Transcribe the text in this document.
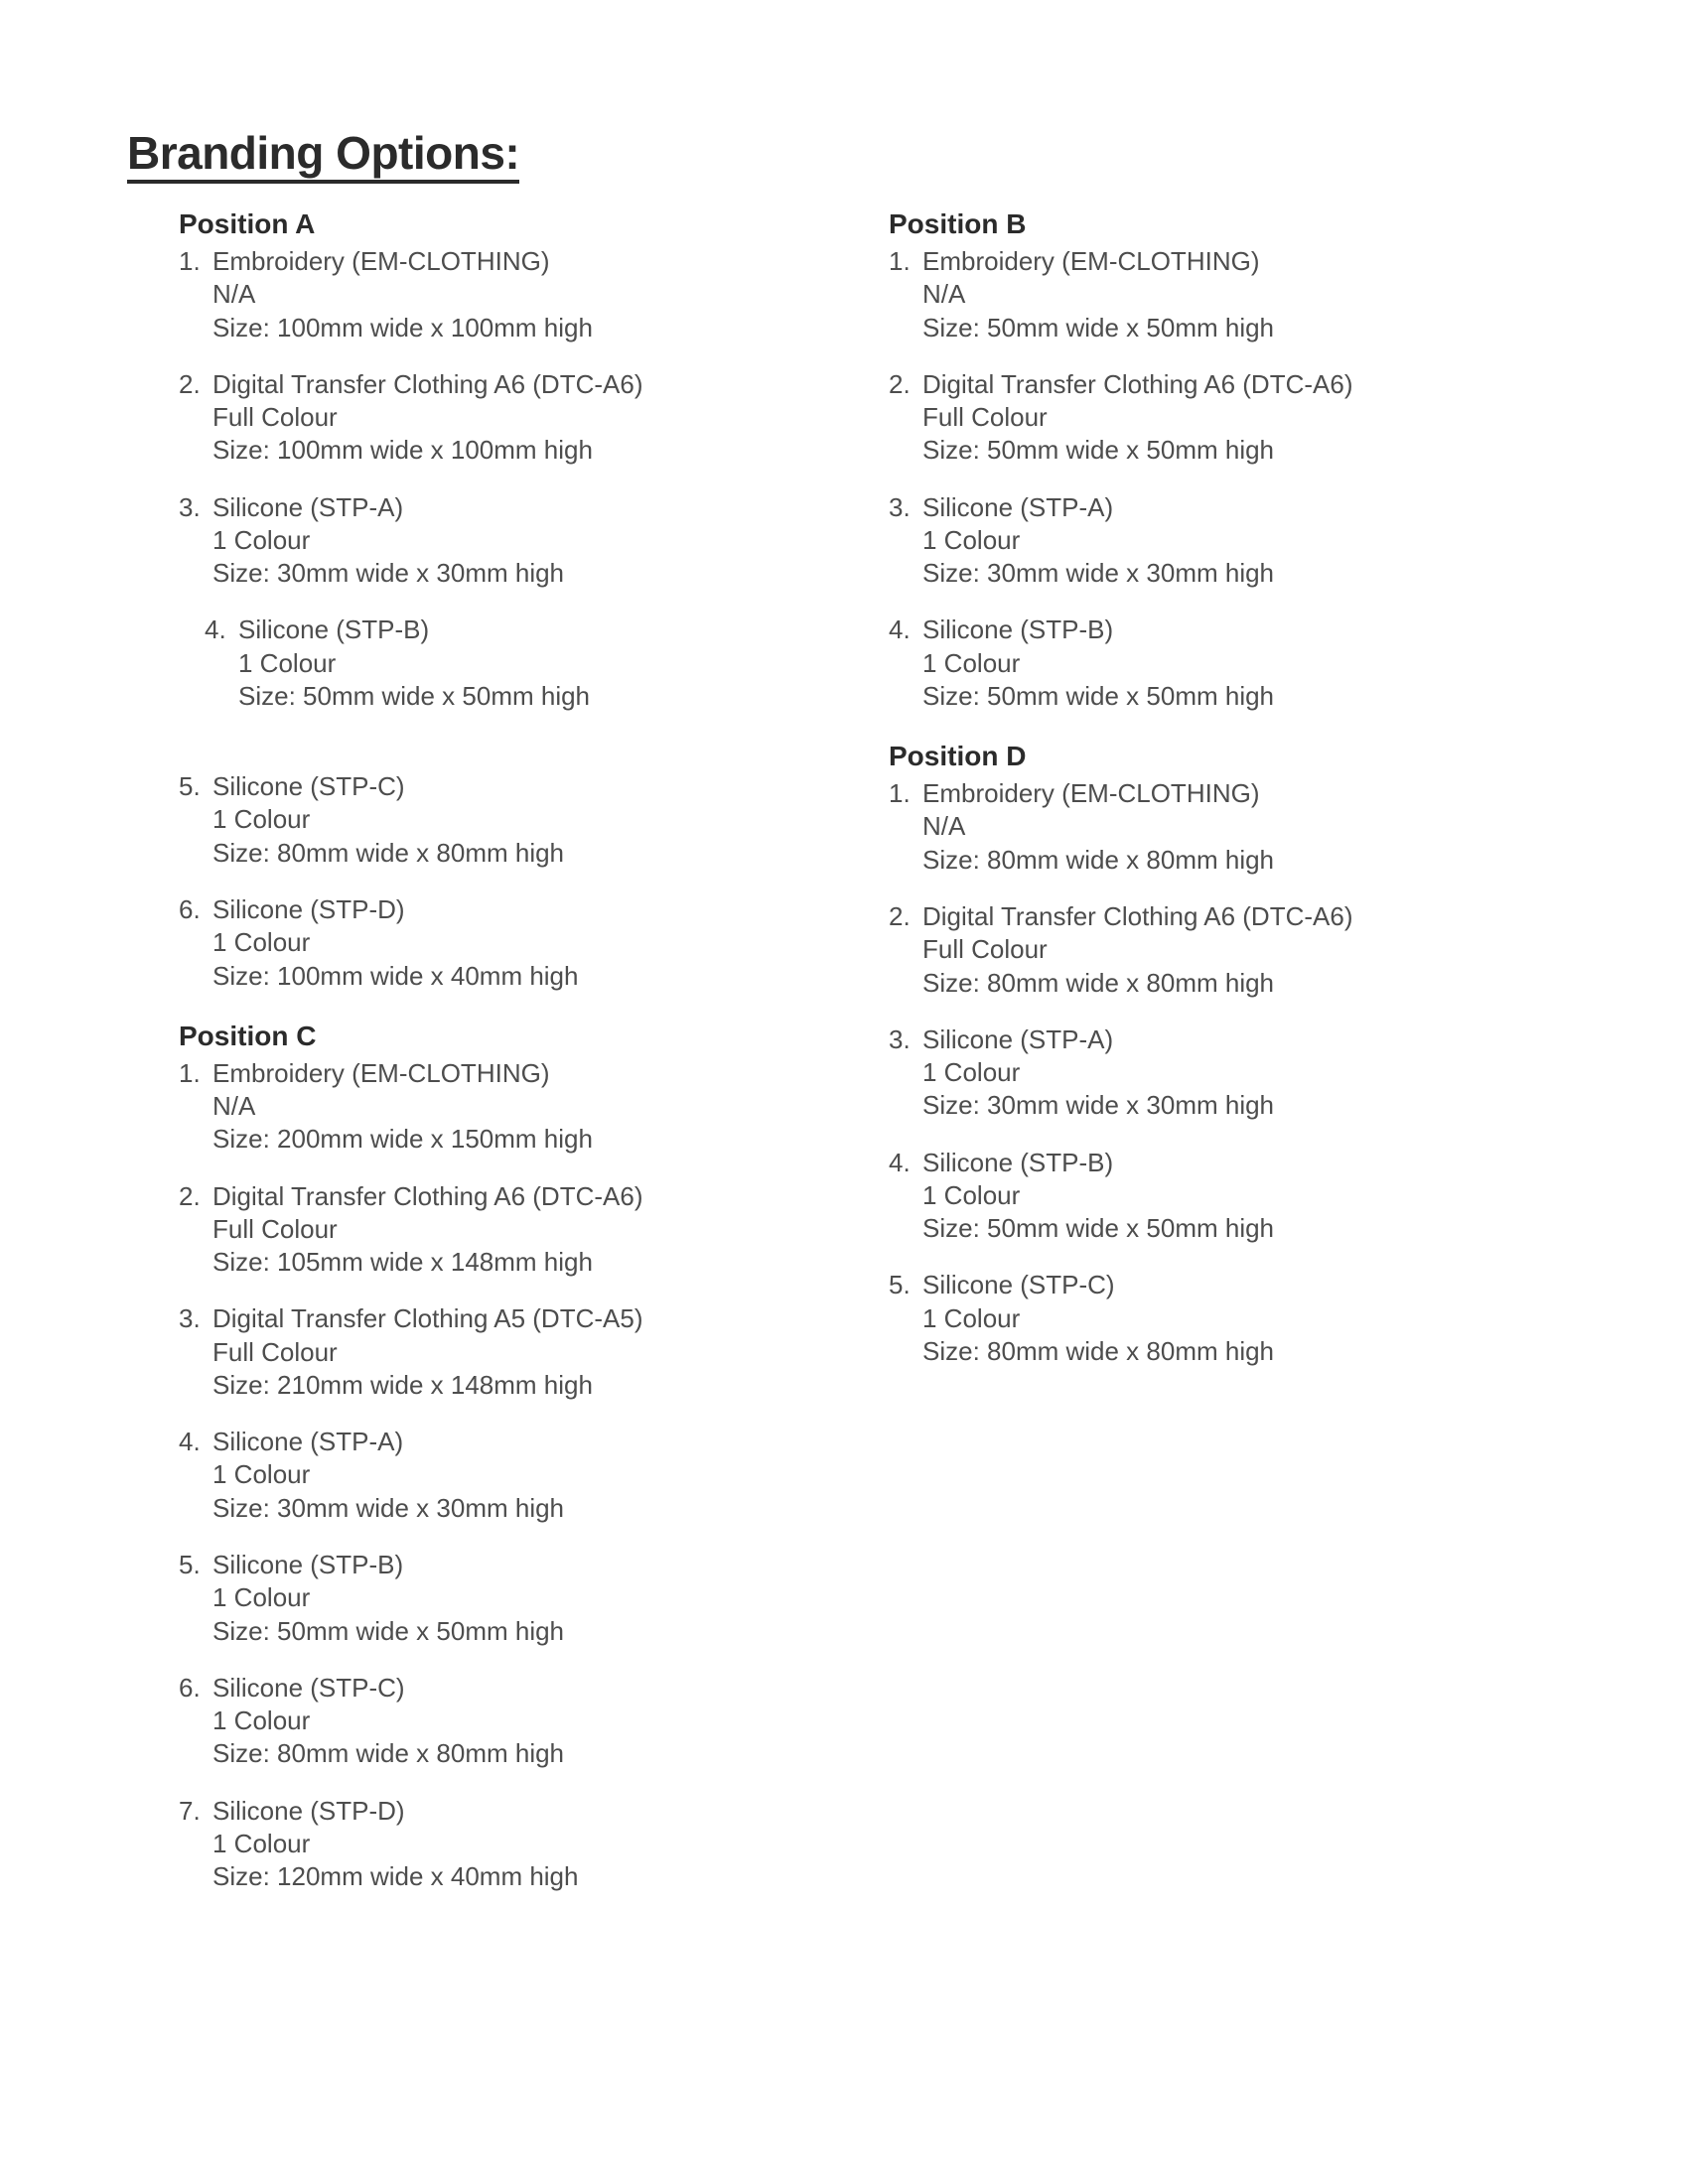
Branding Options:
Position A
1. Embroidery (EM-CLOTHING)
N/A
Size: 100mm wide x 100mm high
2. Digital Transfer Clothing A6 (DTC-A6)
Full Colour
Size: 100mm wide x 100mm high
3. Silicone (STP-A)
1 Colour
Size: 30mm wide x 30mm high
4. Silicone (STP-B)
1 Colour
Size: 50mm wide x 50mm high
5. Silicone (STP-C)
1 Colour
Size: 80mm wide x 80mm high
6. Silicone (STP-D)
1 Colour
Size: 100mm wide x 40mm high
Position C
1. Embroidery (EM-CLOTHING)
N/A
Size: 200mm wide x 150mm high
2. Digital Transfer Clothing A6 (DTC-A6)
Full Colour
Size: 105mm wide x 148mm high
3. Digital Transfer Clothing A5 (DTC-A5)
Full Colour
Size: 210mm wide x 148mm high
4. Silicone (STP-A)
1 Colour
Size: 30mm wide x 30mm high
5. Silicone (STP-B)
1 Colour
Size: 50mm wide x 50mm high
6. Silicone (STP-C)
1 Colour
Size: 80mm wide x 80mm high
7. Silicone (STP-D)
1 Colour
Size: 120mm wide x 40mm high
Position B
1. Embroidery (EM-CLOTHING)
N/A
Size: 50mm wide x 50mm high
2. Digital Transfer Clothing A6 (DTC-A6)
Full Colour
Size: 50mm wide x 50mm high
3. Silicone (STP-A)
1 Colour
Size: 30mm wide x 30mm high
4. Silicone (STP-B)
1 Colour
Size: 50mm wide x 50mm high
Position D
1. Embroidery (EM-CLOTHING)
N/A
Size: 80mm wide x 80mm high
2. Digital Transfer Clothing A6 (DTC-A6)
Full Colour
Size: 80mm wide x 80mm high
3. Silicone (STP-A)
1 Colour
Size: 30mm wide x 30mm high
4. Silicone (STP-B)
1 Colour
Size: 50mm wide x 50mm high
5. Silicone (STP-C)
1 Colour
Size: 80mm wide x 80mm high
